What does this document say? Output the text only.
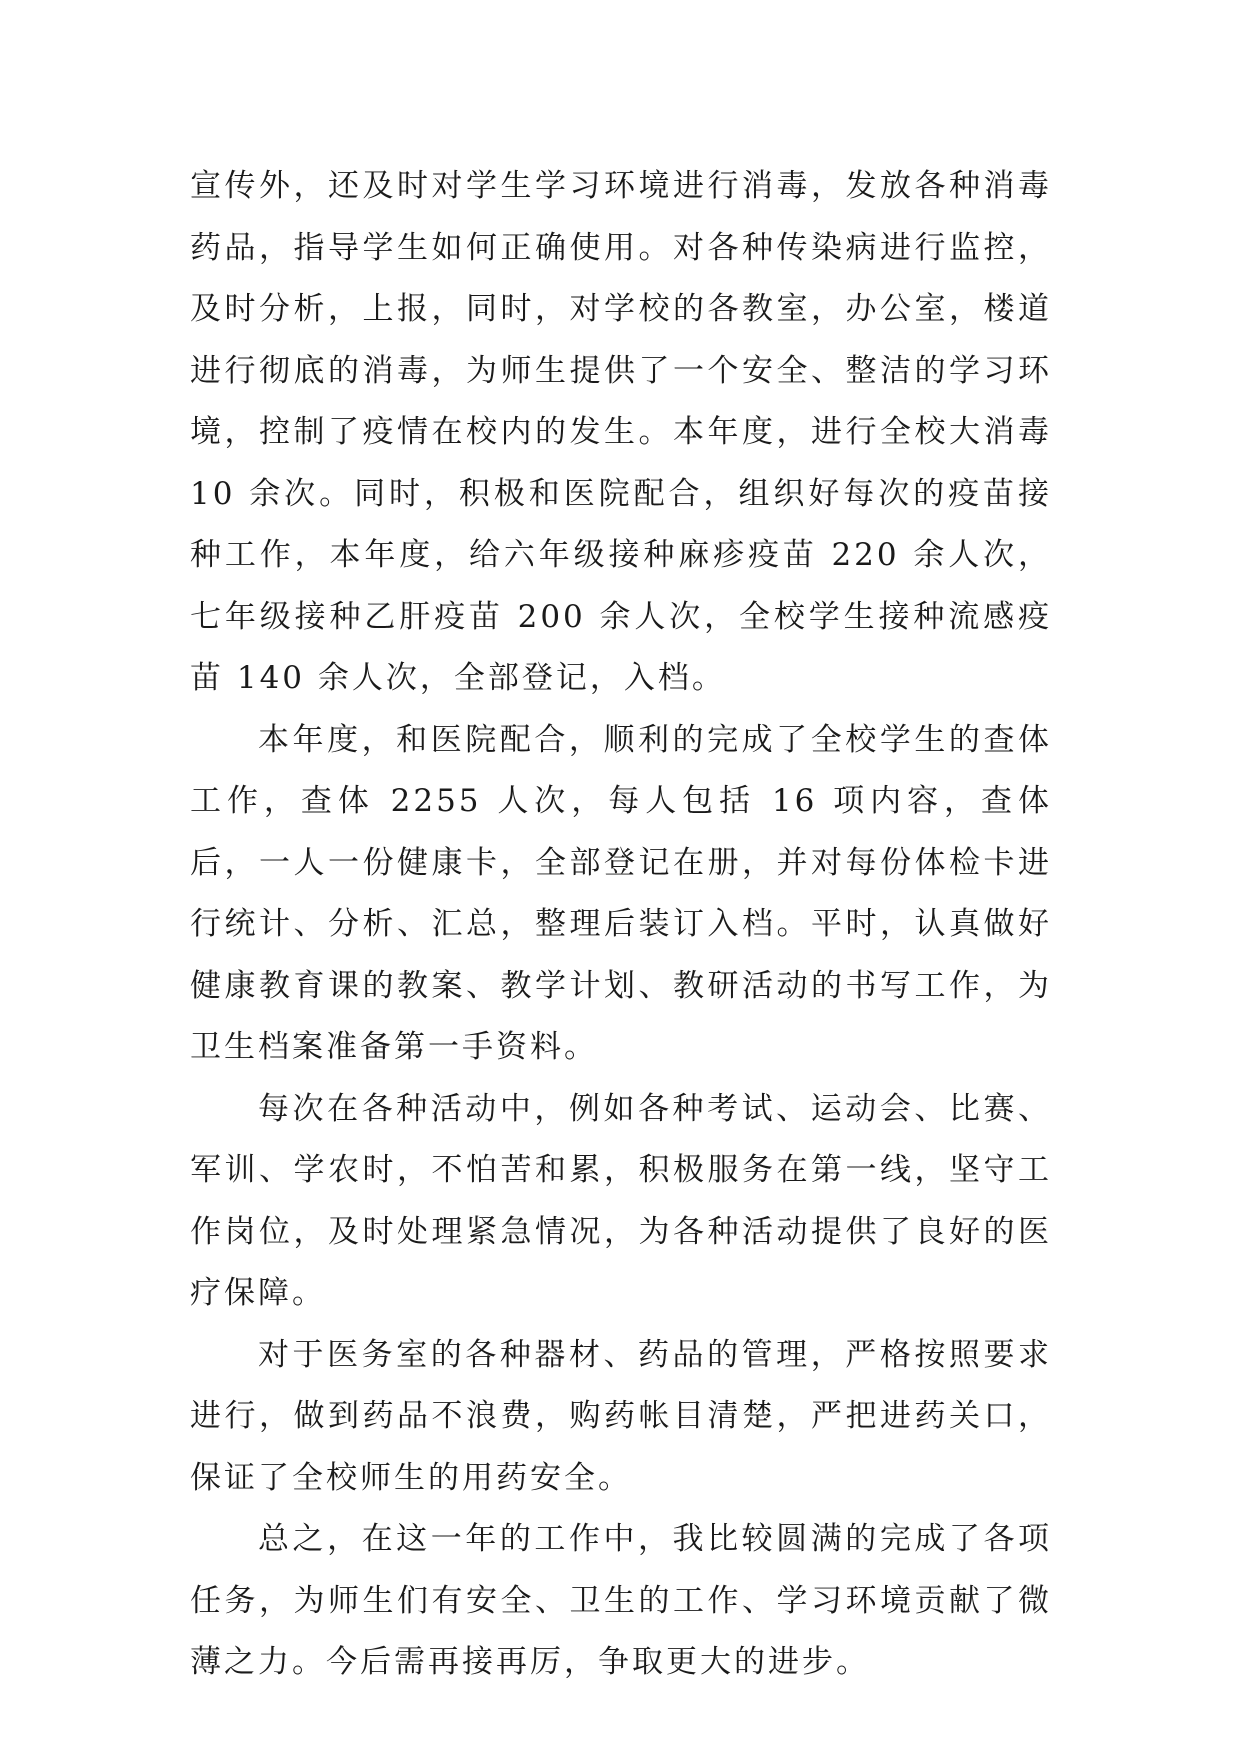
宣传外，还及时对学生学习环境进行消毒，发放各种消毒药品，指导学生如何正确使用。对各种传染病进行监控，及时分析，上报，同时，对学校的各教室，办公室，楼道进行彻底的消毒，为师生提供了一个安全、整洁的学习环境，控制了疫情在校内的发生。本年度，进行全校大消毒 10 余次。同时，积极和医院配合，组织好每次的疫苗接种工作，本年度，给六年级接种麻疹疫苗 220 余人次，七年级接种乙肝疫苗 200 余人次，全校学生接种流感疫苗 140 余人次，全部登记，入档。

本年度，和医院配合，顺利的完成了全校学生的查体工作，查体 2255 人次，每人包括 16 项内容，查体后，一人一份健康卡，全部登记在册，并对每份体检卡进行统计、分析、汇总，整理后装订入档。平时，认真做好健康教育课的教案、教学计划、教研活动的书写工作，为卫生档案准备第一手资料。

每次在各种活动中，例如各种考试、运动会、比赛、军训、学农时，不怕苦和累，积极服务在第一线，坚守工作岗位，及时处理紧急情况，为各种活动提供了良好的医疗保障。

对于医务室的各种器材、药品的管理，严格按照要求进行，做到药品不浪费，购药帐目清楚，严把进药关口，保证了全校师生的用药安全。

总之，在这一年的工作中，我比较圆满的完成了各项任务，为师生们有安全、卫生的工作、学习环境贡献了微薄之力。今后需再接再厉，争取更大的进步。
